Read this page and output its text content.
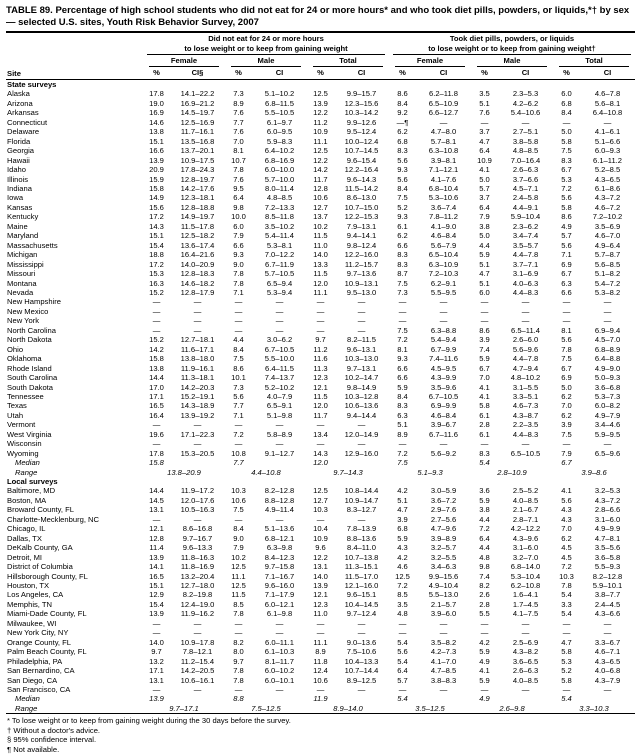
TABLE 89. Percentage of high school students who did not eat for 24 or more hours* and who took diet pills, powders, or liquids,*† by sex — selected U.S. sites, Youth Risk Behavior Survey, 2007
Site	
Did not eat for 24 or more hours
to lose weight or to keep from gaining weight

Took diet pills, powders, or liquids
to lose weight or to keep from gaining weight†

	Female		Male		Total		Female		Male		Total	

	%	CI§	%	CI	%	CI	%	CI	%	CI	%	CI
State surveys												
Alaska	17.8	14.1–22.2	7.3	5.1–10.2	12.5	9.9–15.7	8.6	6.2–11.8	3.5	2.3–5.3	6.0	4.6–7.8
Arizona	19.0	16.9–21.2	8.9	6.8–11.5	13.9	12.3–15.6	8.4	6.5–10.9	5.1	4.2–6.2	6.8	5.6–8.1
Arkansas	16.9	14.5–19.7	7.6	5.5–10.5	12.2	10.3–14.2	9.2	6.6–12.7	7.6	5.4–10.6	8.4	6.4–10.8
Connecticut	14.6	12.5–16.9	7.7	6.1–9.7	11.2	9.9–12.6	—¶	—	—	—	—	—
Delaware	13.8	11.7–16.1	7.6	6.0–9.5	10.9	9.5–12.4	6.2	4.7–8.0	3.7	2.7–5.1	5.0	4.1–6.1
Florida	15.1	13.5–16.8	7.0	5.9–8.3	11.1	10.0–12.4	6.8	5.7–8.1	4.7	3.8–5.8	5.8	5.1–6.6
Georgia	16.6	13.7–20.1	8.1	6.4–10.2	12.5	10.7–14.5	8.3	6.3–10.8	6.4	4.8–8.5	7.5	6.0–9.3
Hawaii	13.9	10.9–17.5	10.7	6.8–16.9	12.2	9.6–15.4	5.6	3.9–8.1	10.9	7.0–16.4	8.3	6.1–11.2
Idaho	20.9	17.8–24.3	7.8	6.0–10.0	14.2	12.2–16.4	9.3	7.1–12.1	4.1	2.6–6.3	6.7	5.2–8.5
Illinois	15.9	12.8–19.7	7.6	5.7–10.0	11.7	9.6–14.3	5.6	4.1–7.6	5.0	3.7–6.6	5.3	4.3–6.5
Indiana	15.8	14.2–17.6	9.5	8.0–11.4	12.8	11.5–14.2	8.4	6.8–10.4	5.7	4.5–7.1	7.2	6.1–8.6
Iowa	14.9	12.3–18.1	6.4	4.8–8.5	10.6	8.6–13.0	7.5	5.3–10.6	3.7	2.4–5.8	5.6	4.3–7.2
Kansas	15.6	12.8–18.8	9.8	7.2–13.3	12.7	10.7–15.0	5.2	3.6–7.4	6.4	4.4–9.1	5.8	4.6–7.2
Kentucky	17.2	14.9–19.7	10.0	8.5–11.8	13.7	12.2–15.3	9.3	7.8–11.2	7.9	5.9–10.4	8.6	7.2–10.2
Maine	14.3	11.5–17.8	6.0	3.5–10.2	10.2	7.9–13.1	6.1	4.1–9.0	3.8	2.3–6.2	4.9	3.5–6.9
Maryland	15.1	12.5–18.2	7.9	5.4–11.4	11.5	9.4–14.1	6.2	4.6–8.4	5.0	3.4–7.4	5.7	4.6–7.0
Massachusetts	15.4	13.6–17.4	6.6	5.3–8.1	11.0	9.8–12.4	6.6	5.6–7.9	4.4	3.5–5.7	5.6	4.9–6.4
Michigan	18.8	16.4–21.6	9.3	7.0–12.2	14.0	12.2–16.0	8.3	6.5–10.4	5.9	4.4–7.8	7.1	5.7–8.7
Mississippi	17.2	14.0–20.9	9.0	6.7–11.9	13.3	11.2–15.7	8.3	6.3–10.9	5.1	3.7–7.1	6.9	5.6–8.5
Missouri	15.3	12.8–18.3	7.8	5.7–10.5	11.5	9.7–13.6	8.7	7.2–10.3	4.7	3.1–6.9	6.7	5.1–8.2
Montana	16.3	14.6–18.2	7.8	6.5–9.4	12.0	10.9–13.1	7.5	6.2–9.1	5.1	4.0–6.3	6.3	5.4–7.2
Nevada	15.2	12.8–17.9	7.1	5.3–9.4	11.1	9.5–13.0	7.3	5.5–9.5	6.0	4.4–8.3	6.6	5.3–8.2
New Hampshire	—	—	—	—	—	—	—	—	—	—	—	—
New Mexico	—	—	—	—	—	—	—	—	—	—	—	—
New York	—	—	—	—	—	—	—	—	—	—	—	—
North Carolina	—	—	—	—	—	—	7.5	6.3–8.8	8.6	6.5–11.4	8.1	6.9–9.4
North Dakota	15.2	12.7–18.1	4.4	3.0–6.2	9.7	8.2–11.5	7.2	5.4–9.4	3.9	2.6–6.0	5.6	4.5–7.0
Ohio	14.2	11.6–17.1	8.4	6.7–10.5	11.2	9.6–13.1	8.1	6.7–9.9	7.4	5.6–9.6	7.8	6.8–8.9
Oklahoma	15.8	13.8–18.0	7.5	5.5–10.0	11.6	10.3–13.0	9.3	7.4–11.6	5.9	4.4–7.8	7.5	6.4–8.8
Rhode Island	13.8	11.9–16.1	8.6	6.4–11.5	11.3	9.7–13.1	6.6	4.5–9.5	6.7	4.7–9.4	6.7	4.9–9.0
South Carolina	14.4	11.3–18.1	10.1	7.4–13.7	12.3	10.2–14.7	6.6	4.3–9.9	7.0	4.8–10.2	6.9	5.0–9.3
South Dakota	17.0	14.2–20.3	7.3	5.2–10.2	12.1	9.8–14.9	5.9	3.5–9.6	4.1	3.1–5.5	5.0	3.6–6.8
Tennessee	17.1	15.2–19.1	5.6	4.0–7.9	11.5	10.3–12.8	8.4	6.7–10.5	4.1	3.3–5.1	6.2	5.3–7.3
Texas	16.5	14.3–18.9	7.7	6.5–9.1	12.0	10.6–13.6	8.3	6.9–9.9	5.8	4.6–7.3	7.0	6.0–8.2
Utah	16.4	13.9–19.2	7.1	5.1–9.8	11.7	9.4–14.4	6.3	4.6–8.4	6.1	4.3–8.7	6.2	4.9–7.9
Vermont	—	—	—	—	—	—	5.1	3.9–6.7	2.8	2.2–3.5	3.9	3.4–4.6
West Virginia	19.6	17.1–22.3	7.2	5.8–8.9	13.4	12.0–14.9	8.9	6.7–11.6	6.1	4.4–8.3	7.5	5.9–9.5
Wisconsin	—	—	—	—	—	—	—	—	—	—	—	—
Wyoming	17.8	15.3–20.5	10.8	9.1–12.7	14.3	12.9–16.0	7.2	5.6–9.2	8.3	6.5–10.5	7.9	6.5–9.6
Median	15.8		7.7		12.0		7.5		5.4		6.7	
Range	13.8–20.9		4.4–10.8		9.7–14.3		5.1–9.3		2.8–10.9		3.9–8.6	
Local surveys												
Baltimore, MD	14.4	11.9–17.2	10.3	8.2–12.8	12.5	10.8–14.4	4.2	3.0–5.9	3.6	2.5–5.2	4.1	3.2–5.3
Boston, MA	14.5	12.0–17.6	10.6	8.8–12.8	12.7	10.9–14.7	5.1	3.6–7.2	5.9	4.0–8.5	5.6	4.3–7.2
Broward County, FL	13.1	10.5–16.3	7.5	4.9–11.4	10.3	8.3–12.7	4.7	2.9–7.6	3.8	2.1–6.7	4.3	2.8–6.6
Charlotte-Mecklenburg, NC	—	—	—	—	—	—	3.9	2.7–5.6	4.4	2.8–7.1	4.3	3.1–6.0
Chicago, IL	12.1	8.6–16.8	8.4	5.1–13.6	10.4	7.8–13.9	6.8	4.7–9.6	7.2	4.2–12.2	7.0	4.9–9.9
Dallas, TX	12.8	9.7–16.7	9.0	6.8–12.1	10.9	8.8–13.6	5.9	3.9–8.9	6.4	4.3–9.6	6.2	4.7–8.1
DeKalb County, GA	11.4	9.6–13.3	7.9	6.3–9.8	9.6	8.4–11.0	4.3	3.2–5.7	4.4	3.1–6.0	4.5	3.5–5.6
Detroit, MI	13.9	11.8–16.3	10.2	8.4–12.3	12.2	10.7–13.8	4.2	3.2–5.5	4.8	3.2–7.0	4.5	3.6–5.8
District of Columbia	14.1	11.8–16.9	12.5	9.7–15.8	13.1	11.3–15.1	4.6	3.4–6.3	9.8	6.8–14.0	7.2	5.5–9.3
Hillsborough County, FL	16.5	13.2–20.4	11.1	7.1–16.7	14.0	11.5–17.0	12.5	9.9–15.6	7.4	5.3–10.4	10.3	8.2–12.8
Houston, TX	15.1	12.7–18.0	12.5	9.6–16.0	13.9	12.1–16.0	7.2	4.9–10.4	8.2	6.2–10.8	7.8	5.9–10.1
Los Angeles, CA	12.9	8.2–19.8	11.5	7.1–17.9	12.1	9.6–15.1	8.5	5.5–13.0	2.6	1.6–4.1	5.4	3.8–7.7
Memphis, TN	15.4	12.4–19.0	8.5	6.0–12.1	12.3	10.4–14.5	3.5	2.1–5.7	2.8	1.7–4.5	3.3	2.4–4.5
Miami-Dade County, FL	13.9	11.9–16.2	7.8	6.1–9.8	11.0	9.7–12.4	4.8	3.9–6.0	5.5	4.1–7.5	5.4	4.3–6.6
Milwaukee, WI	—	—	—	—	—	—	—	—	—	—	—	—
New York City, NY	—	—	—	—	—	—	—	—	—	—	—	—
Orange County, FL	14.0	10.9–17.8	8.2	6.0–11.1	11.1	9.0–13.6	5.4	3.5–8.2	4.2	2.5–6.9	4.7	3.3–6.7
Palm Beach County, FL	9.7	7.8–12.1	8.0	6.1–10.3	8.9	7.5–10.6	5.6	4.2–7.3	5.9	4.3–8.2	5.8	4.6–7.1
Philadelphia, PA	13.2	11.2–15.4	9.7	8.1–11.7	11.8	10.4–13.3	5.4	4.1–7.0	4.9	3.6–6.5	5.3	4.3–6.5
San Bernardino, CA	17.1	14.2–20.5	7.8	6.0–10.2	12.4	10.7–14.4	6.4	4.7–8.5	4.1	2.6–6.3	5.2	4.0–6.8
San Diego, CA	13.1	10.6–16.1	7.8	6.0–10.1	10.6	8.9–12.5	5.7	3.8–8.3	5.9	4.0–8.5	5.8	4.3–7.9
San Francisco, CA	—	—	—	—	—	—	—	—	—	—	—	—
Median	13.9		8.8		11.9		5.4		4.9		5.4	
Range	9.7–17.1		7.5–12.5		8.9–14.0		3.5–12.5		2.6–9.8		3.3–10.3	
* To lose weight or to keep from gaining weight during the 30 days before the survey.
† Without a doctor's advice.
§ 95% confidence interval.
¶ Not available.
